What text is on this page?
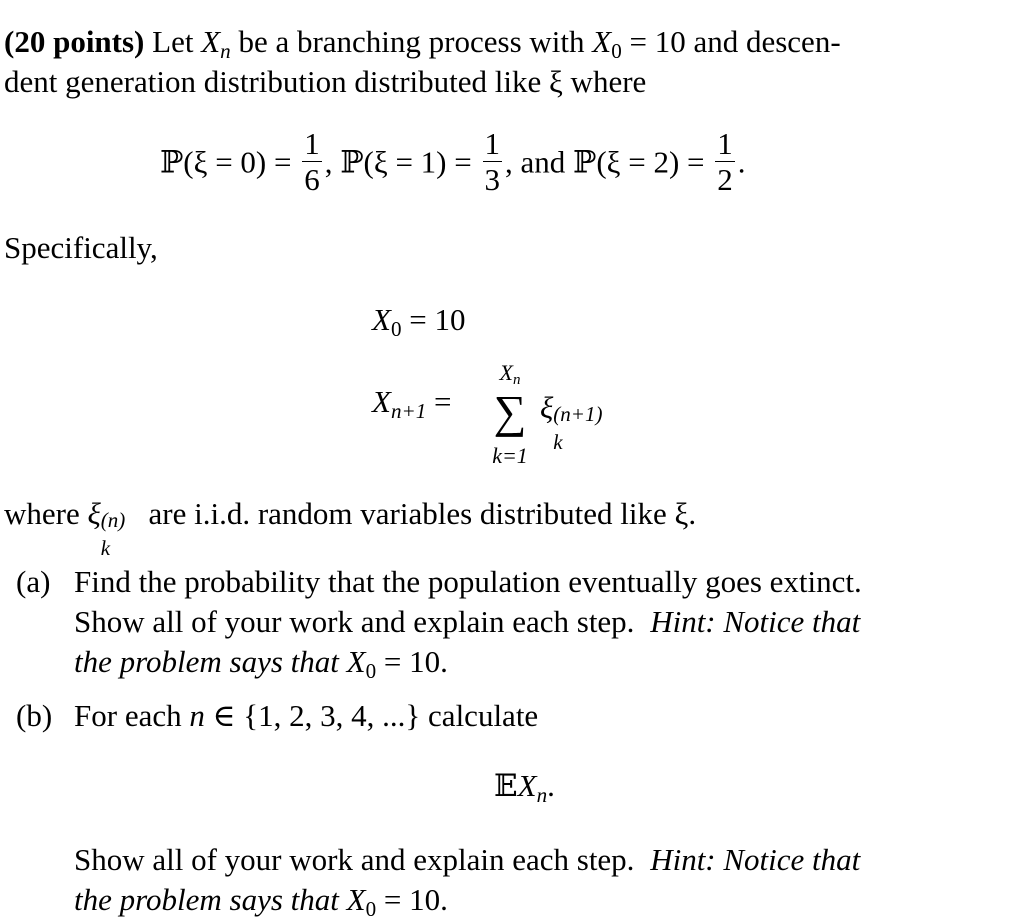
(20 points) Let $X_n$ be a branching process with $X_0 = 10$ and descen-
dent generation distribution distributed like ξ where
ℙ(ξ = $0) = \frac{1}{6}$ , ℙ(ξ = $1) = \frac{1}{3}$ , and ℙ(ξ = $2) = \frac{1}{2}$ .
Specifically,
$X_0 = 10$
$X_{n+1}$ =
$X_n$
∑
k=1
ξ (n+1)
k
where ξ (n)
k
are i.i.d. random variables distributed like ξ.
(a) Find the probability that the population eventually goes extinct.
Show all of your work and explain each step. Hint: Notice that
the problem says that $X_0 = 10$.
(b) For each n ∈ {1, 2, 3, 4, ...} calculate
𝔼X$_n$.
Show all of your work and explain each step. Hint: Notice that
the problem says that $X_0 = 10$.
